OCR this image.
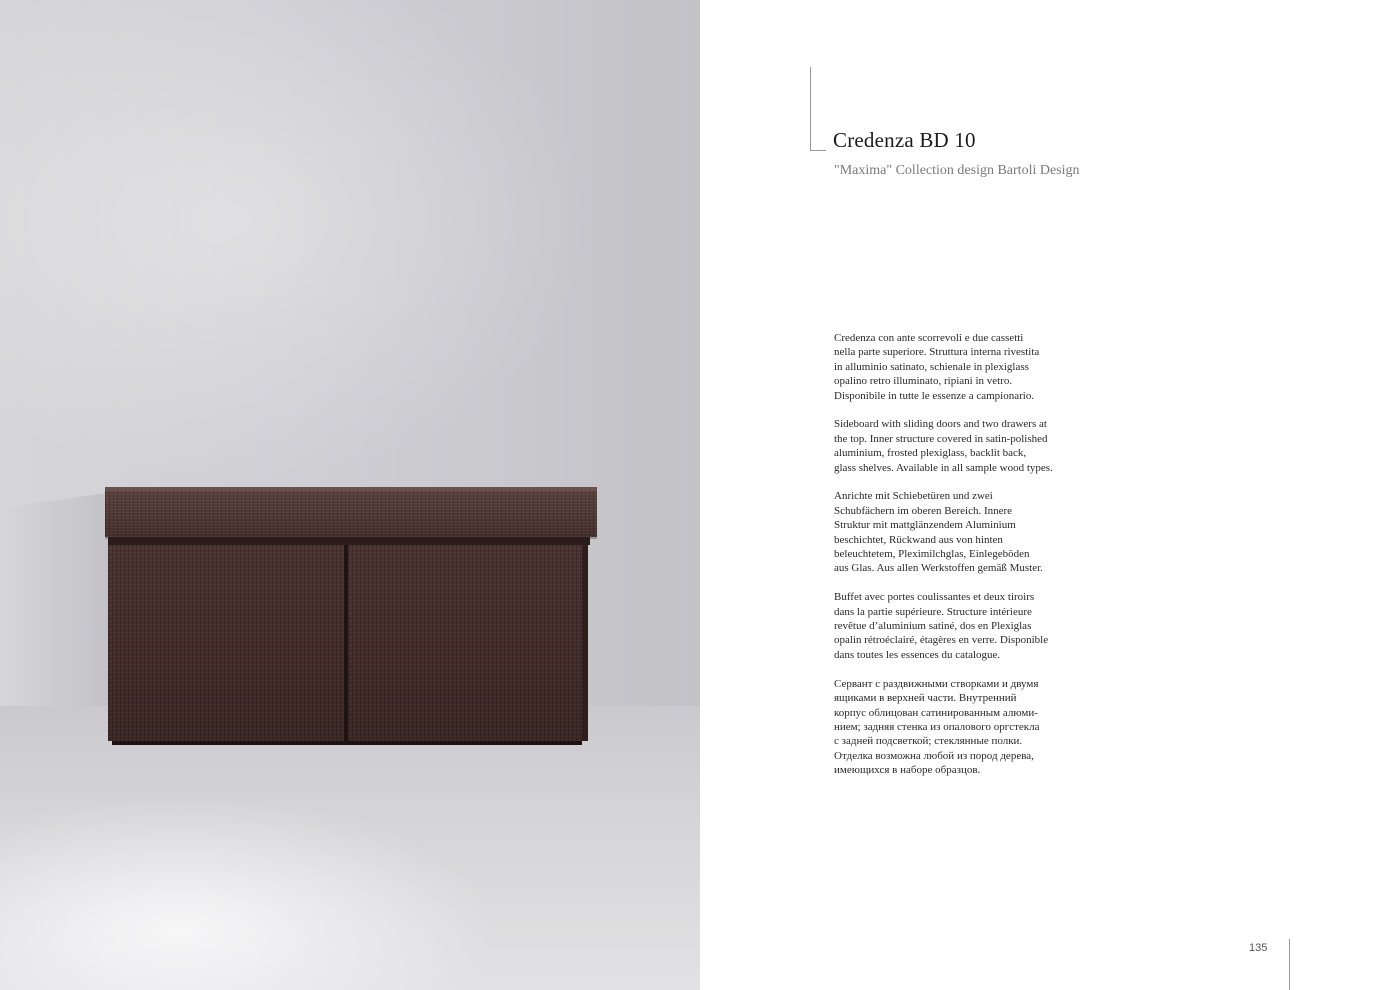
Credenza BD 10
"Maxima" Collection design Bartoli Design

Credenza con ante scorrevoli e due cassetti
nella parte superiore. Struttura interna rivestita
in alluminio satinato, schienale in plexiglass
opalino retro illuminato, ripiani in vetro.
Disponibile in tutte le essenze a campionario.

Sideboard with sliding doors and two drawers at
the top. Inner structure covered in satin-polished
aluminium, frosted plexiglass, backlit back,
glass shelves. Available in all sample wood types.

Anrichte mit Schiebetüren und zwei
Schubfächern im oberen Bereich. Innere
Struktur mit mattglänzendem Aluminium
beschichtet, Rückwand aus von hinten
beleuchtetem, Pleximilchglas, Einlegeböden
aus Glas. Aus allen Werkstoffen gemäß Muster.

Buffet avec portes coulissantes et deux tiroirs
dans la partie supérieure. Structure intérieure
revêtue d’aluminium satiné, dos en Plexiglas
opalin rétroéclairé, étagères en verre. Disponible
dans toutes les essences du catalogue.

Сервант с раздвижными створками и двумя
ящиками в верхней части. Внутренний
корпус облицован сатинированным алюми-
нием; задняя стенка из опалового оргстекла
с задней подсветкой; стеклянные полки.
Отделка возможна любой из пород дерева,
имеющихся в наборе образцов.

135
